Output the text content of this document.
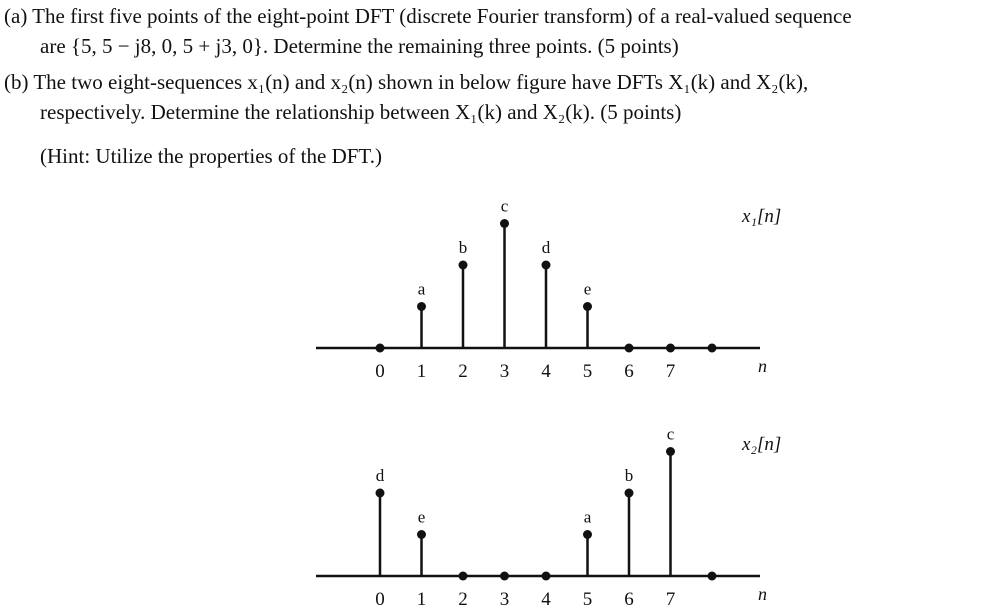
(a) The first five points of the eight-point DFT (discrete Fourier transform) of a real-valued sequence
are {5, 5 − j8, 0, 5 + j3, 0}. Determine the remaining three points. (5 points)
(b) The two eight-sequences x₁(n) and x₂(n) shown in below figure have DFTs X₁(k) and X₂(k),
respectively. Determine the relationship between X₁(k) and X₂(k). (5 points)
(Hint: Utilize the properties of the DFT.)
x₁[n]
n
a
b
c
d
e
0 1 2 3 4 5 6 7
x₂[n]
n
d
e	a
b
c
0 1 2 3 4 5 6 7
